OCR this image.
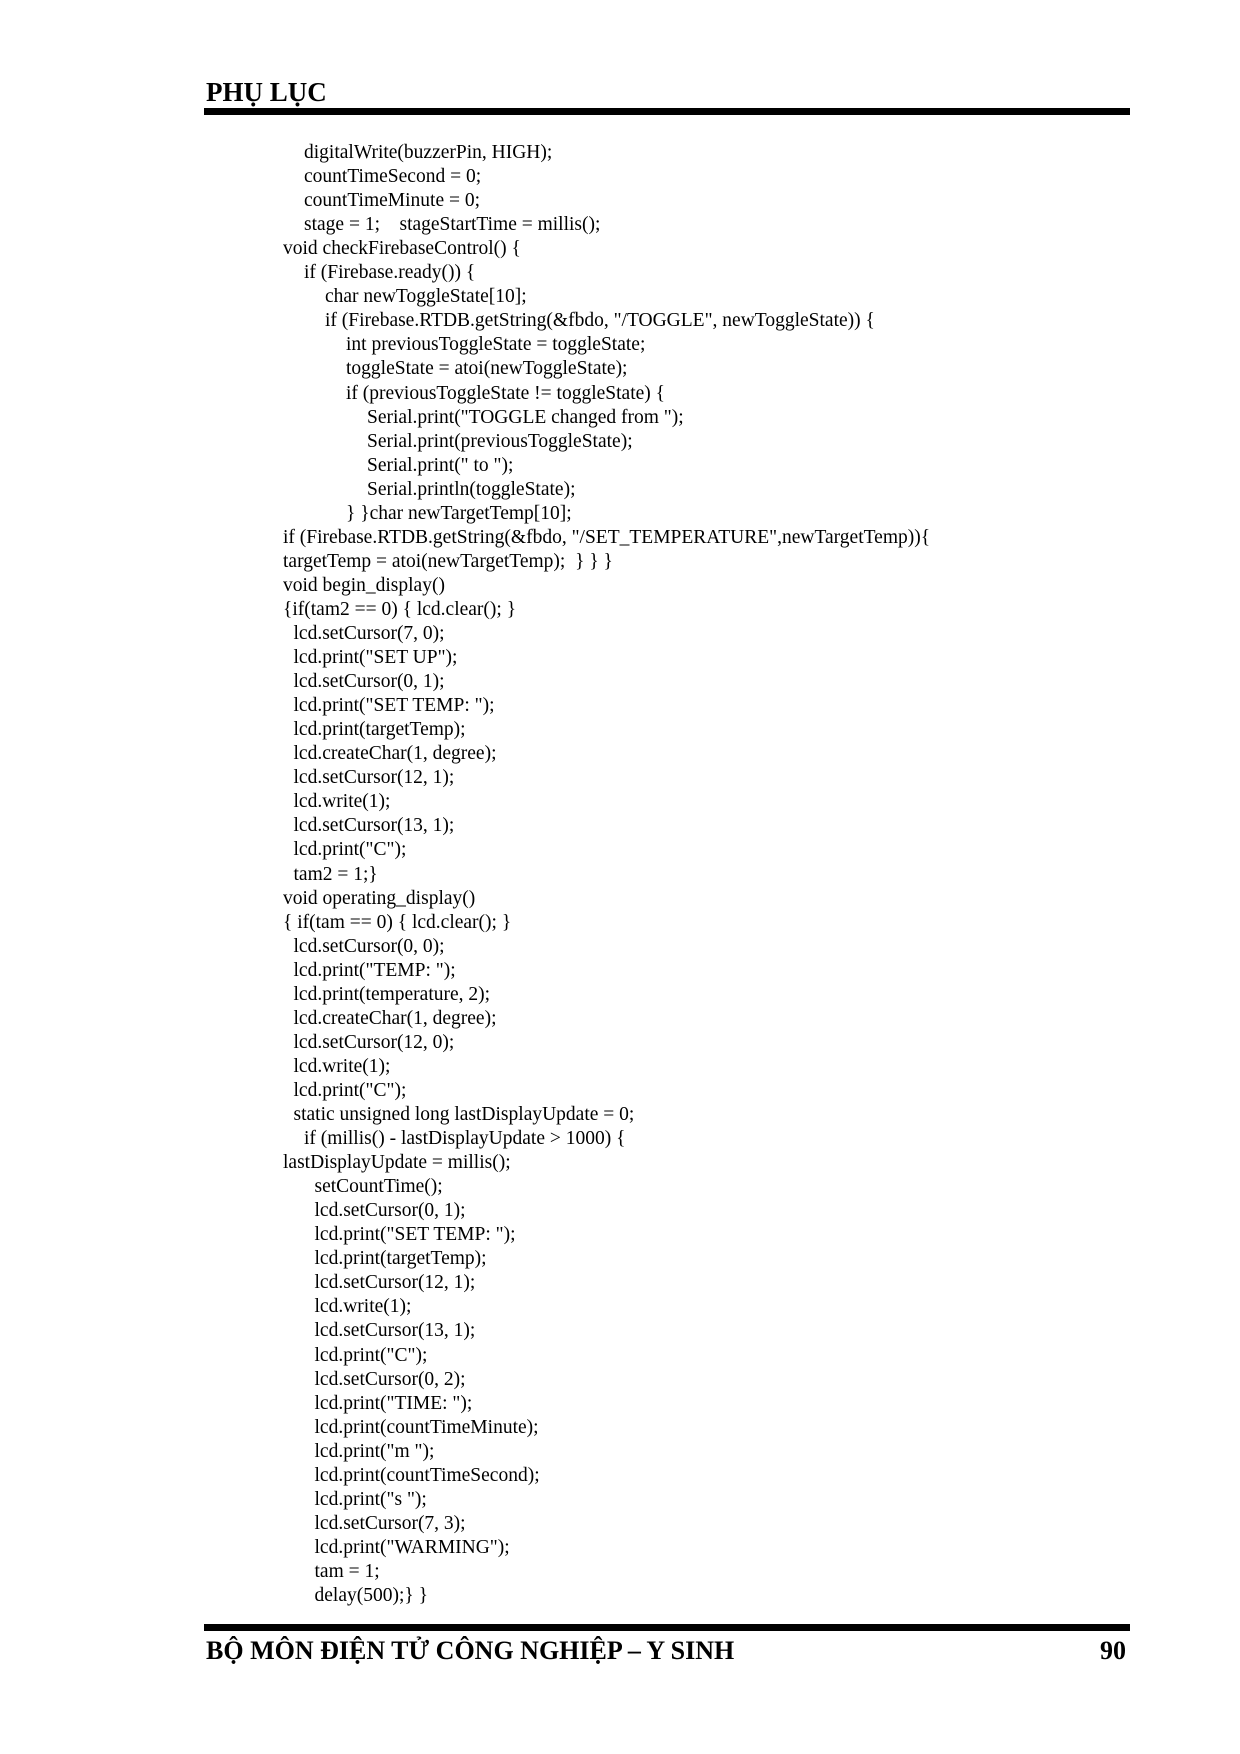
PHỤ LỤC
digitalWrite(buzzerPin, HIGH);
countTimeSecond = 0;
countTimeMinute = 0;
stage = 1;    stageStartTime = millis();
void checkFirebaseControl() {
if (Firebase.ready()) {
char newToggleState[10];
if (Firebase.RTDB.getString(&fbdo, "/TOGGLE", newToggleState)) {
int previousToggleState = toggleState;
toggleState = atoi(newToggleState);
if (previousToggleState != toggleState) {
Serial.print("TOGGLE changed from ");
Serial.print(previousToggleState);
Serial.print(" to ");
Serial.println(toggleState);
} }char newTargetTemp[10];
if (Firebase.RTDB.getString(&fbdo, "/SET_TEMPERATURE",newTargetTemp)){
targetTemp = atoi(newTargetTemp);  } } }
void begin_display()
{if(tam2 == 0) { lcd.clear(); }
lcd.setCursor(7, 0);
lcd.print("SET UP");
lcd.setCursor(0, 1);
lcd.print("SET TEMP: ");
lcd.print(targetTemp);
lcd.createChar(1, degree);
lcd.setCursor(12, 1);
lcd.write(1);
lcd.setCursor(13, 1);
lcd.print("C");
tam2 = 1;}
void operating_display()
{ if(tam == 0) { lcd.clear(); }
lcd.setCursor(0, 0);
lcd.print("TEMP: ");
lcd.print(temperature, 2);
lcd.createChar(1, degree);
lcd.setCursor(12, 0);
lcd.write(1);
lcd.print("C");
static unsigned long lastDisplayUpdate = 0;
if (millis() - lastDisplayUpdate > 1000) {
lastDisplayUpdate = millis();
setCountTime();
lcd.setCursor(0, 1);
lcd.print("SET TEMP: ");
lcd.print(targetTemp);
lcd.setCursor(12, 1);
lcd.write(1);
lcd.setCursor(13, 1);
lcd.print("C");
lcd.setCursor(0, 2);
lcd.print("TIME: ");
lcd.print(countTimeMinute);
lcd.print("m ");
lcd.print(countTimeSecond);
lcd.print("s ");
lcd.setCursor(7, 3);
lcd.print("WARMING");
tam = 1;
delay(500);} }
BỘ MÔN ĐIỆN TỬ CÔNG NGHIỆP – Y SINH	90
